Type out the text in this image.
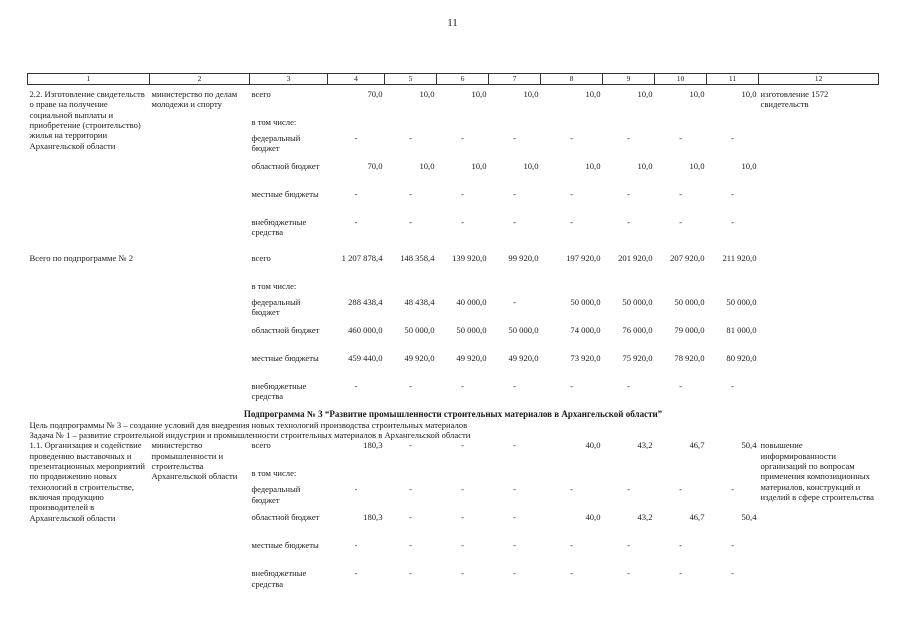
11
1	2	3	4	5	6	7	8	9	10	11	12

2.2. Изготовление свидетельств о праве на получение социальной выплаты и приобретение (строительство) жилья на территории Архангельской области	министерство по делам молодежи и спорту	всего	70,0	10,0	10,0	10,0	10,0	10,0	10,0	10,0	изготовление 1572 свидетельств
		в том числе:									
		федеральный бюджет	-	-	-	-	-	-	-	-	
		областной бюджет	70,0	10,0	10,0	10,0	10,0	10,0	10,0	10,0	
		местные бюджеты	-	-	-	-	-	-	-	-	
		внебюджетные средства	-	-	-	-	-	-	-	-	

Всего по подпрограмме № 2		всего	1 207 878,4	148 358,4	139 920,0	99 920,0	197 920,0	201 920,0	207 920,0	211 920,0	
		в том числе:									
		федеральный бюджет	288 438,4	48 438,4	40 000,0	-	50 000,0	50 000,0	50 000,0	50 000,0	
		областной бюджет	460 000,0	50 000,0	50 000,0	50 000,0	74 000,0	76 000,0	79 000,0	81 000,0	
		местные бюджеты	459 440,0	49 920,0	49 920,0	49 920,0	73 920,0	75 920,0	78 920,0	80 920,0	
		внебюджетные средства	-	-	-	-	-	-	-	-	
Подпрограмма № 3 “Развитие промышленности строительных материалов в Архангельской области”											
Цель подпрограммы № 3 – создание условий для внедрения новых технологий производства строительных материалов											
Задача № 1 – развитие строительной индустрии и промышленности строительных материалов в Архангельской области											
1.1. Организация и содействие проведению выставочных и презентационных мероприятий по продвижению новых технологий в строительстве, включая продукцию производителей в Архангельской области	министерство промышленности и строительства Архангельской области	всего	180,3	-	-	-	40,0	43,2	46,7	50,4	повышение информированности организаций по вопросам применения композиционных материалов, конструкций и изделий в сфере строительства
		в том числе:									
		федеральный бюджет	-	-	-	-	-	-	-	-	
		областной бюджет	180,3	-	-	-	40,0	43,2	46,7	50,4	
		местные бюджеты	-	-	-	-	-	-	-	-	
		внебюджетные средства	-	-	-	-	-	-	-	-	
